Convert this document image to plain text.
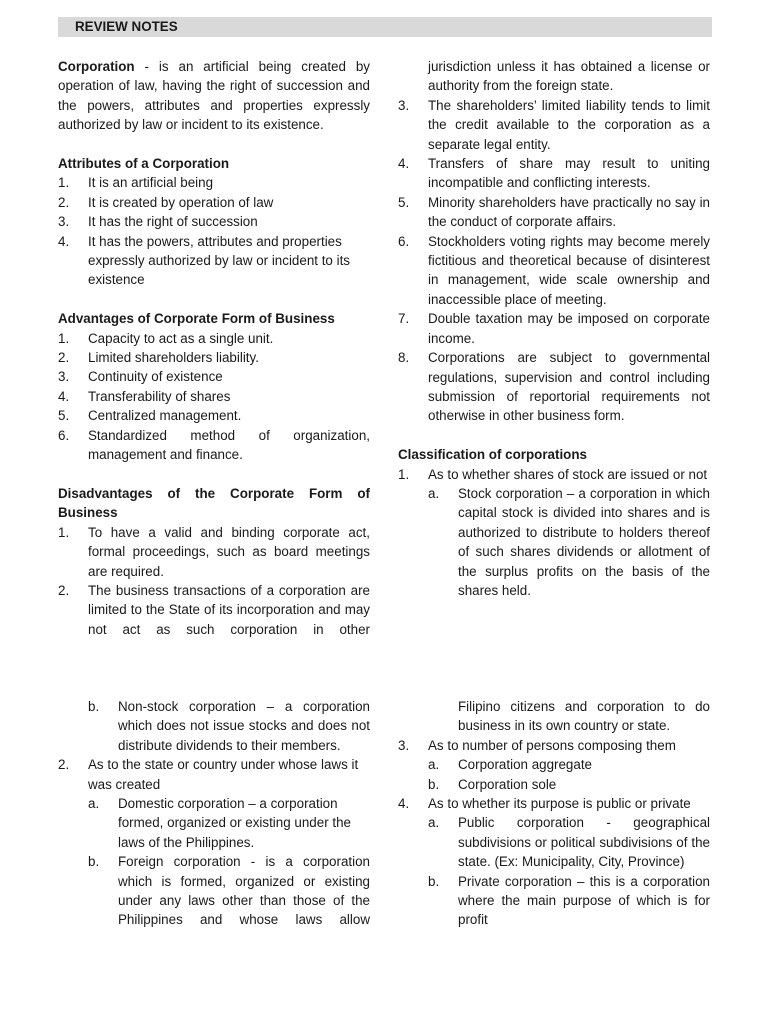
REVIEW NOTES

Corporation - is an artificial being created by operation of law, having the right of succession and the powers, attributes and properties expressly authorized by law or incident to its existence.

Attributes of a Corporation

1. It is an artificial being
2. It is created by operation of law
3. It has the right of succession
4. It has the powers, attributes and properties expressly authorized by law or incident to its existence

Advantages of Corporate Form of Business

1. Capacity to act as a single unit.
2. Limited shareholders liability.
3. Continuity of existence
4. Transferability of shares
5. Centralized management.
6. Standardized method of organization, management and finance.

Disadvantages of the Corporate Form of Business

1. To have a valid and binding corporate act, formal proceedings, such as board meetings are required.
2. The business transactions of a corporation are limited to the State of its incorporation and may not act as such corporation in other

jurisdiction unless it has obtained a license or authority from the foreign state.

3. The shareholders’ limited liability tends to limit the credit available to the corporation as a separate legal entity.
4. Transfers of share may result to uniting incompatible and conflicting interests.
5. Minority shareholders have practically no say in the conduct of corporate affairs.
6. Stockholders voting rights may become merely fictitious and theoretical because of disinterest in management, wide scale ownership and inaccessible place of meeting.
7. Double taxation may be imposed on corporate income.
8. Corporations are subject to governmental regulations, supervision and control including submission of reportorial requirements not otherwise in other business form.

Classification of corporations

1. As to whether shares of stock are issued or not
a. Stock corporation – a corporation in which capital stock is divided into shares and is authorized to distribute to holders thereof of such shares dividends or allotment of the surplus profits on the basis of the shares held.
b. Non-stock corporation – a corporation which does not issue stocks and does not distribute dividends to their members.
2. As to the state or country under whose laws it was created
a. Domestic corporation – a corporation formed, organized or existing under the laws of the Philippines.
b. Foreign corporation - is a corporation which is formed, organized or existing under any laws other than those of the Philippines and whose laws allow

Filipino citizens and corporation to do business in its own country or state.

3. As to number of persons composing them
a. Corporation aggregate
b. Corporation sole
4. As to whether its purpose is public or private
a. Public corporation - geographical subdivisions or political subdivisions of the state. (Ex: Municipality, City, Province)
b. Private corporation – this is a corporation where the main purpose of which is for profit
